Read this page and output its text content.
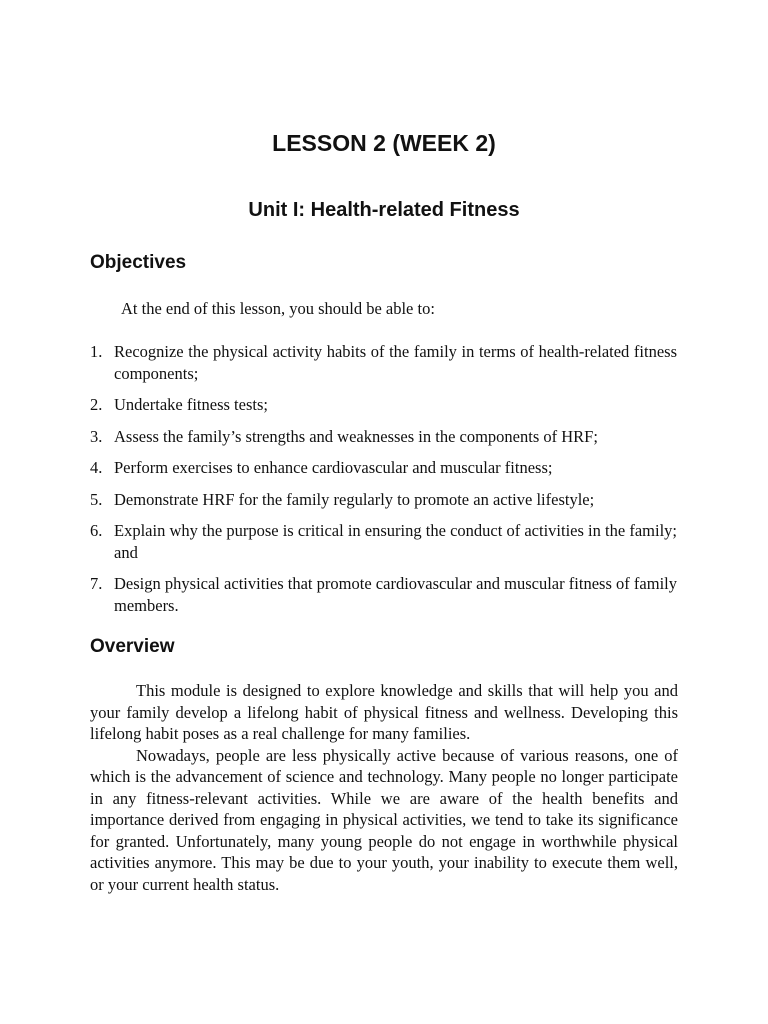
LESSON 2 (WEEK 2)
Unit I: Health-related Fitness
Objectives

At the end of this lesson, you should be able to:

1. Recognize the physical activity habits of the family in terms of health-related fitness components;
2. Undertake fitness tests;
3. Assess the family’s strengths and weaknesses in the components of HRF;
4. Perform exercises to enhance cardiovascular and muscular fitness;
5. Demonstrate HRF for the family regularly to promote an active lifestyle;
6. Explain why the purpose is critical in ensuring the conduct of activities in the family; and
7. Design physical activities that promote cardiovascular and muscular fitness of family members.
Overview

This module is designed to explore knowledge and skills that will help you and your family develop a lifelong habit of physical fitness and wellness. Developing this lifelong habit poses as a real challenge for many families.

Nowadays, people are less physically active because of various reasons, one of which is the advancement of science and technology. Many people no longer participate in any fitness-relevant activities. While we are aware of the health benefits and importance derived from engaging in physical activities, we tend to take its significance for granted. Unfortunately, many young people do not engage in worthwhile physical activities anymore. This may be due to your youth, your inability to execute them well, or your current health status.
